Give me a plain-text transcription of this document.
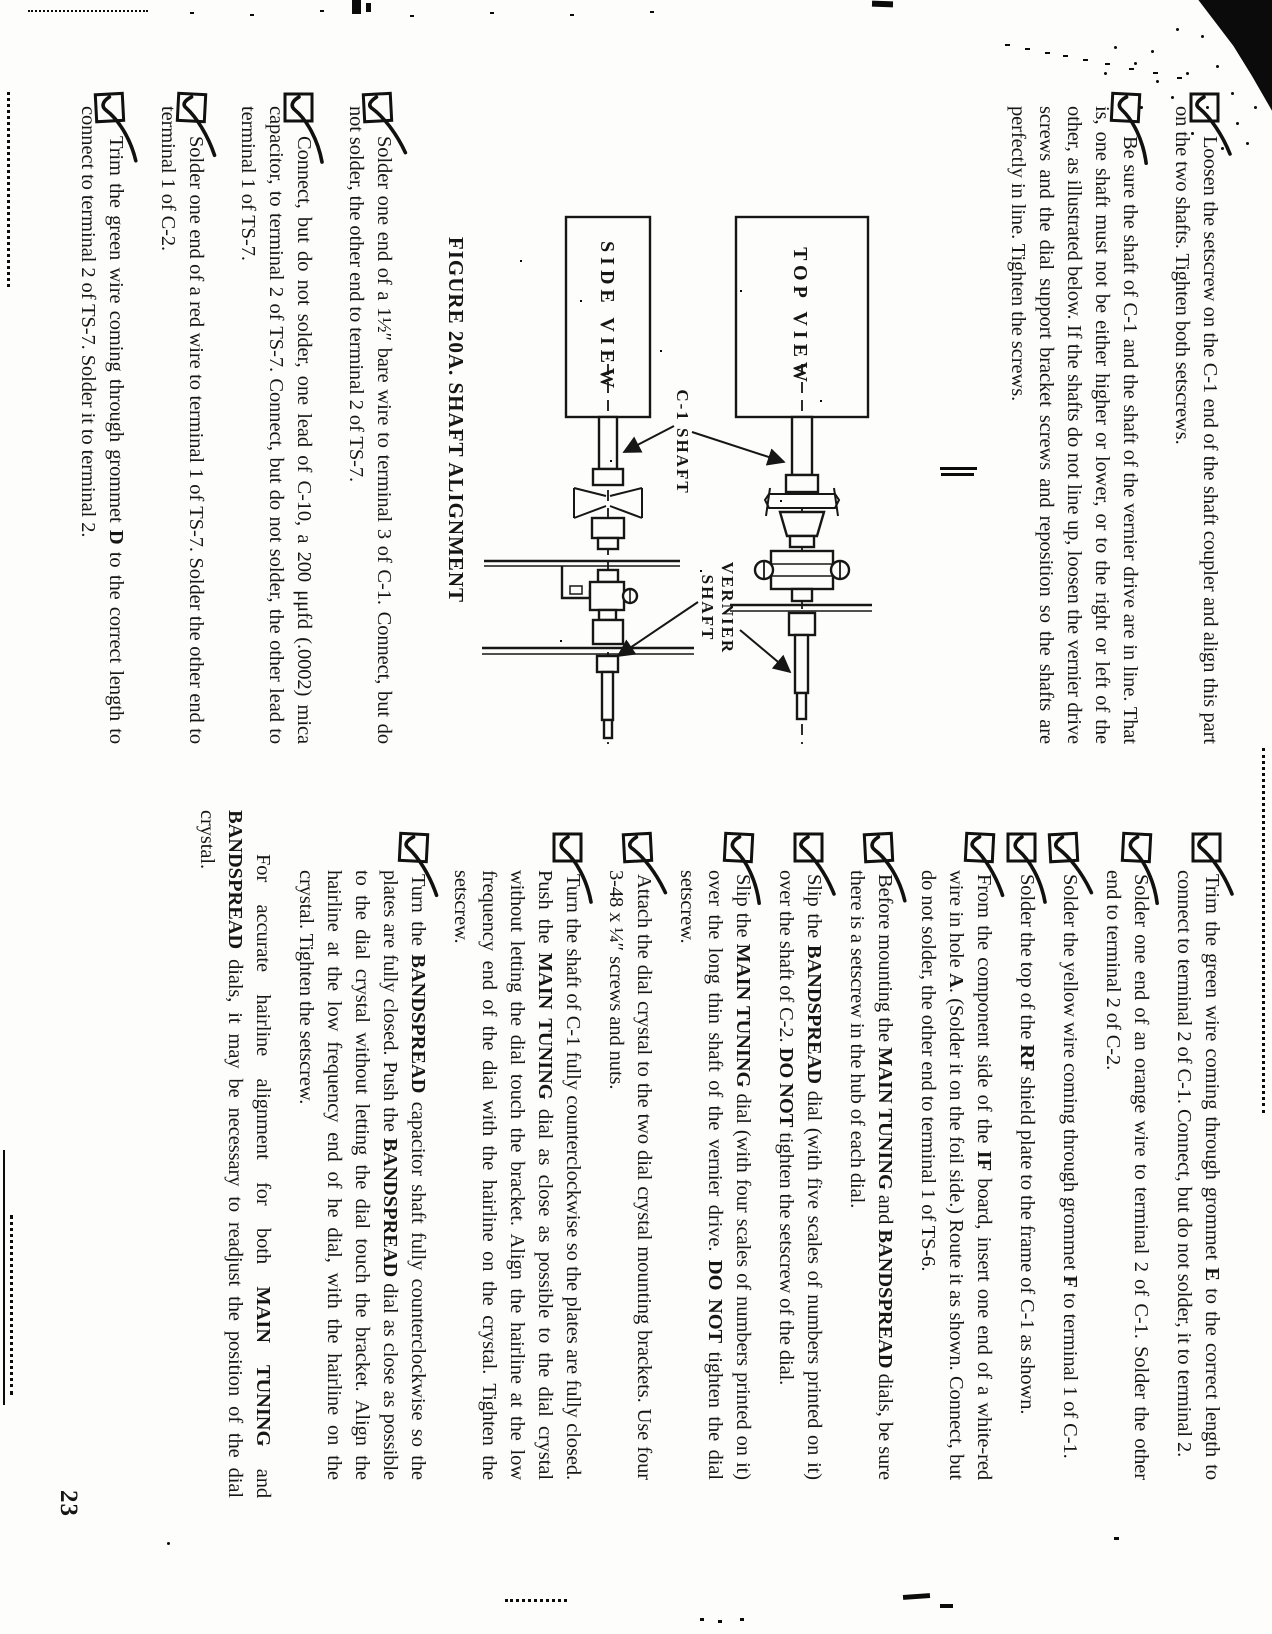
Loosen the setscrew on the C-1 end of the shaft coupler and align this part on the two shafts. Tighten both setscrews.
Be sure the shaft of C-1 and the shaft of the vernier drive are in line. That is, one shaft must not be either higher or lower, or to the right or left of the other, as illustrated below. If the shafts do not line up, loosen the vernier drive screws and the dial support bracket screws and reposition so the shafts are perfectly in line. Tighten the screws.
TOP VIEW
SIDE VIEW
C-1 SHAFT
VERNIER
SHAFT

FIGURE 20A. SHAFT ALIGNMENT

Solder one end of a 1½″ bare wire to terminal 3 of C-1. Connect, but do not solder, the other end to terminal 2 of TS-7.
Connect, but do not solder, one lead of C-10, a 200 μμfd (.0002) mica capacitor, to terminal 2 of TS-7. Connect, but do not solder, the other lead to terminal 1 of TS-7.
Solder one end of a red wire to terminal 1 of TS-7. Solder the other end to terminal 1 of C-2.
Trim the green wire coming through grommet D to the correct length to connect to terminal 2 of TS-7. Solder it to terminal 2.
Trim the green wire coming through grommet E to the correct length to connect to terminal 2 of C-1. Connect, but do not solder, it to terminal 2.
Solder one end of an orange wire to terminal 2 of C-1. Solder the other end to terminal 2 of C-2.
Solder the yellow wire coming through grommet F to terminal 1 of C-1.
Solder the top of the RF shield plate to the frame of C-1 as shown.
From the component side of the IF board, insert one end of a white-red wire in hole A. (Solder it on the foil side.) Route it as shown. Connect, but do not solder, the other end to terminal 1 of TS-6.
Before mounting the MAIN TUNING and BANDSPREAD dials, be sure there is a setscrew in the hub of each dial.
Slip the BANDSPREAD dial (with five scales of numbers printed on it) over the shaft of C-2. DO NOT tighten the setscrew of the dial.
Slip the MAIN TUNING dial (with four scales of numbers printed on it) over the long thin shaft of the vernier drive. DO NOT tighten the dial setscrew.
Attach the dial crystal to the two dial crystal mounting brackets. Use four 3-48 x ¼″ screws and nuts.
Turn the shaft of C-1 fully counterclockwise so the plates are fully closed. Push the MAIN TUNING dial as close as possible to the dial crystal without letting the dial touch the bracket. Align the hairline at the low frequency end of the dial with the hairline on the crystal. Tighten the setscrew.
Turn the BANDSPREAD capacitor shaft fully counterclockwise so the plates are fully closed. Push the BANDSPREAD dial as close as possible to the dial crystal without letting the dial touch the bracket. Align the hairline at the low frequency end of he dial, with the hairline on the crystal. Tighten the setscrew.

For accurate hairline alignment for both MAIN TUNING and BANDSPREAD dials, it may be necessary to readjust the position of the dial crystal.

23
